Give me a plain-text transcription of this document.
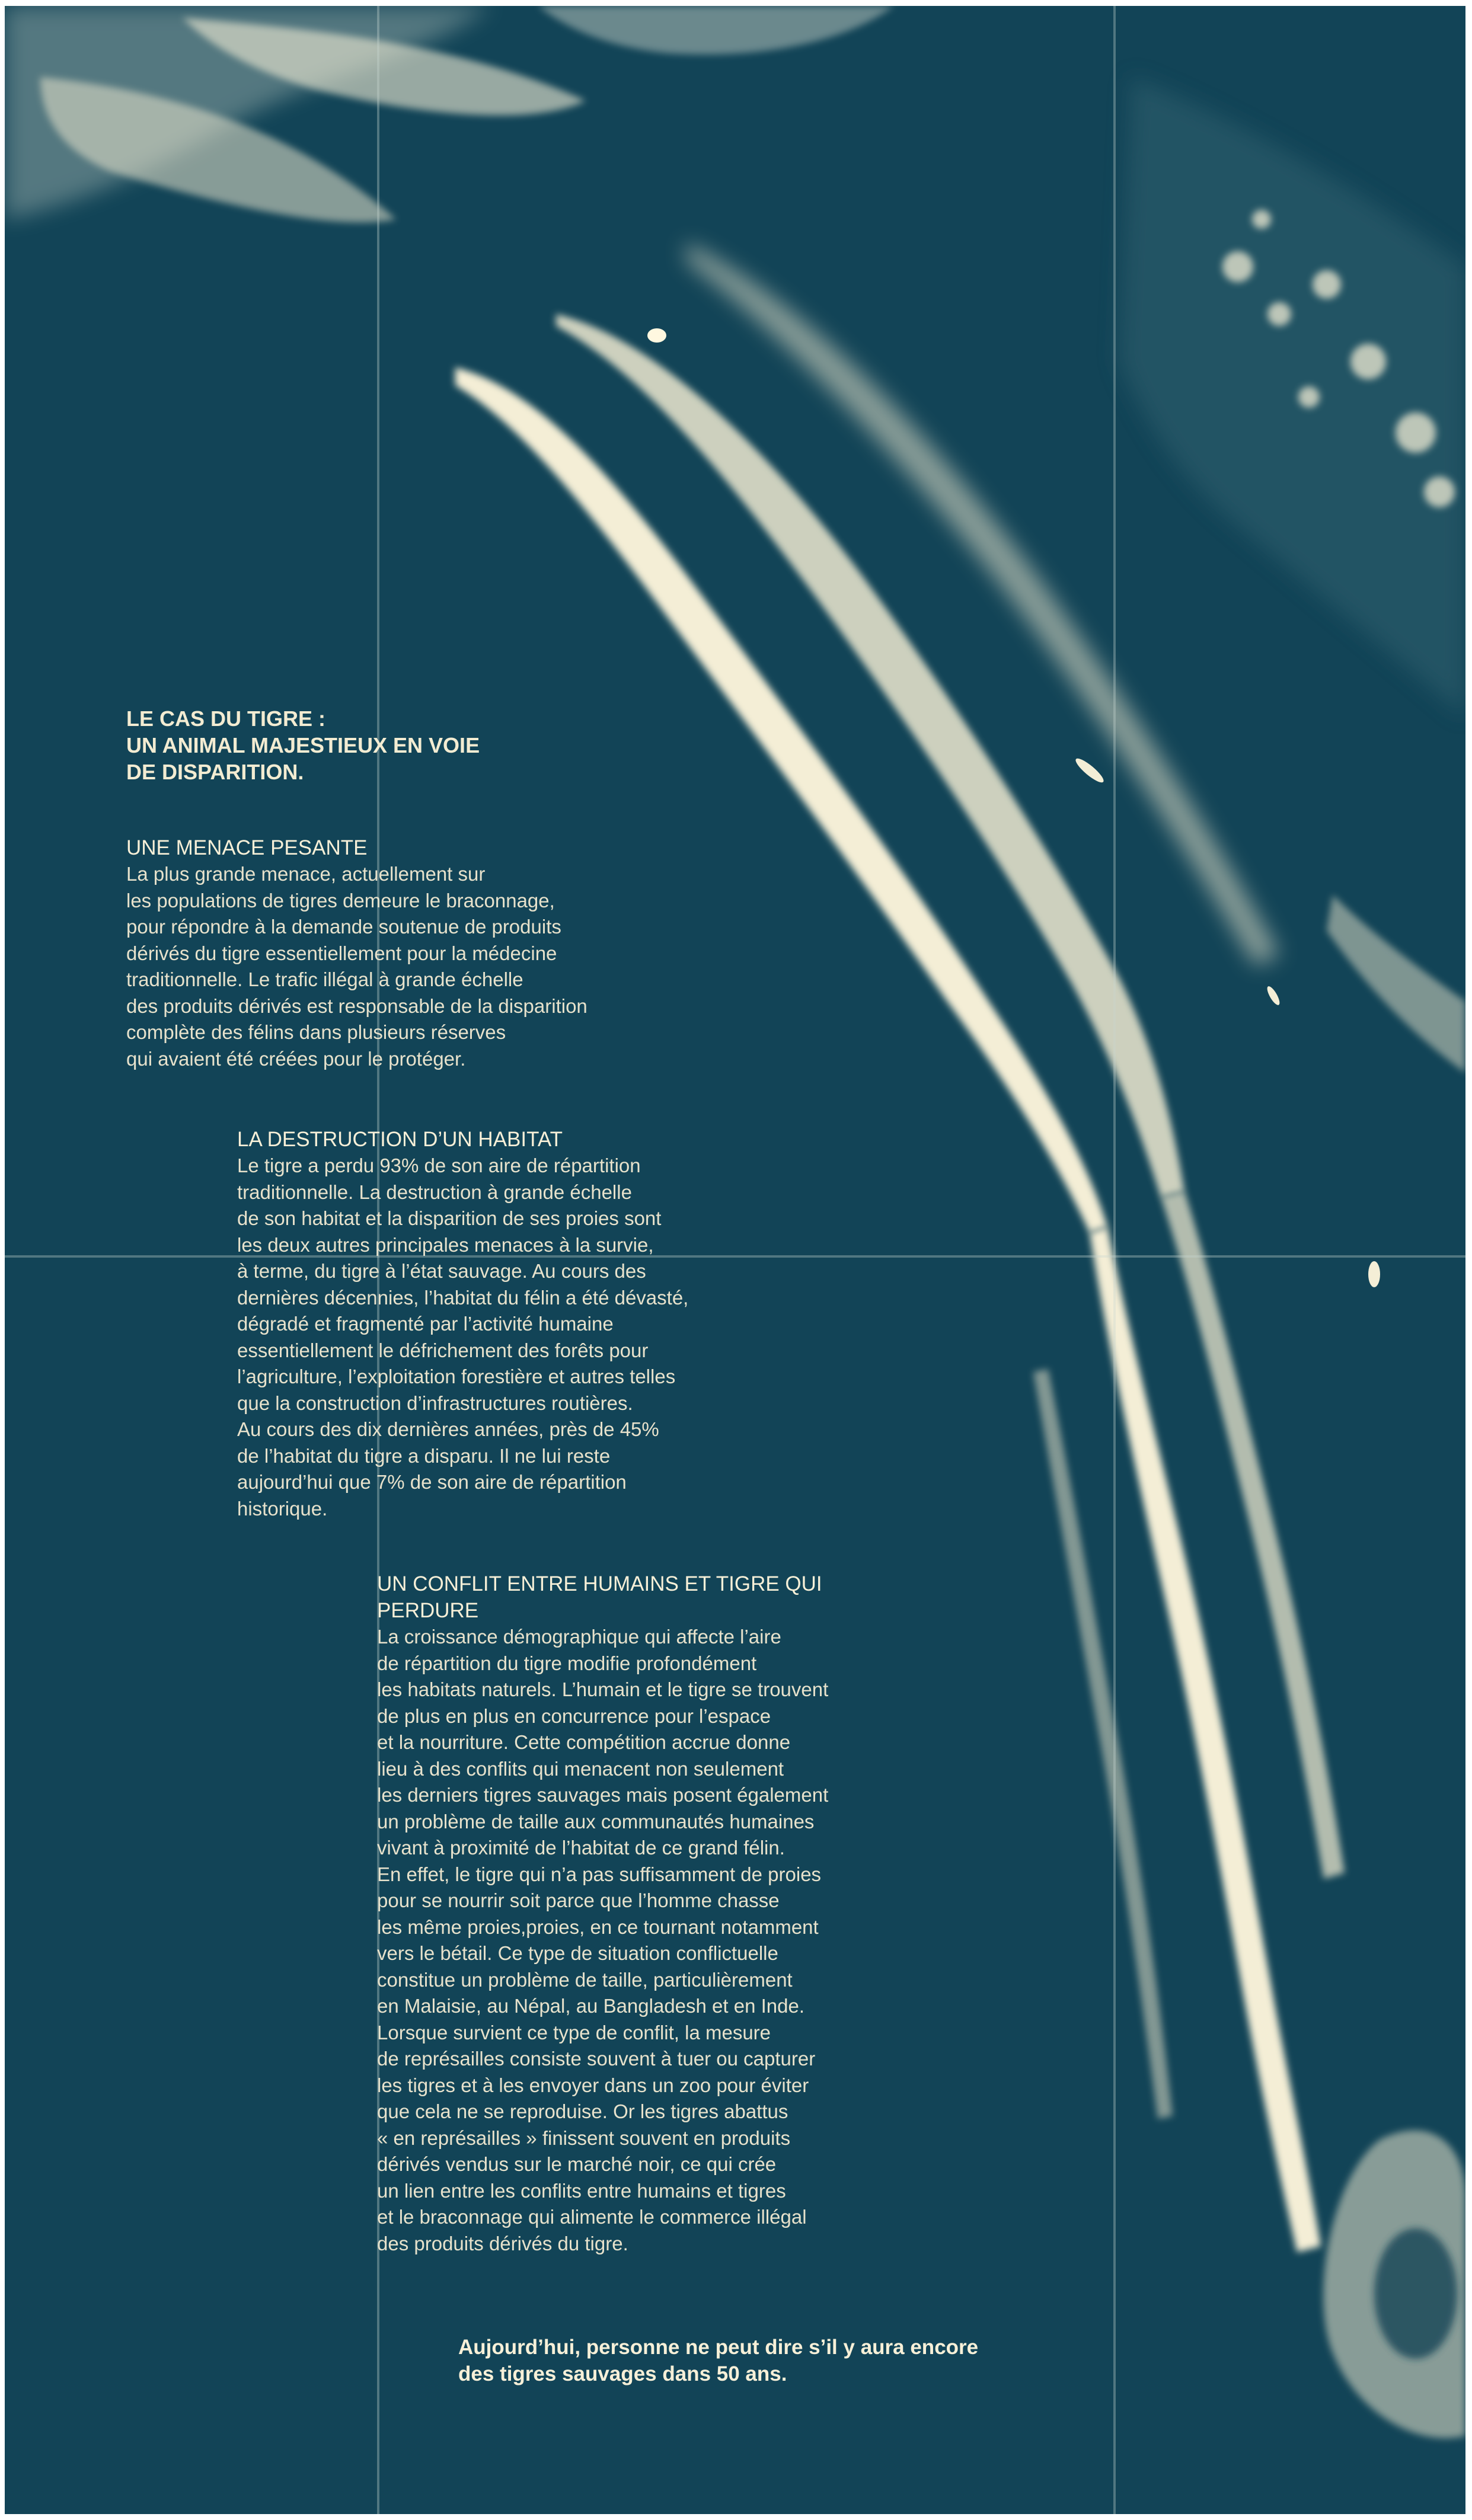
LE CAS DU TIGRE :
UN ANIMAL MAJESTIEUX EN VOIE
DE DISPARITION.
UNE MENACE PESANTE
La plus grande menace, actuellement sur
les populations de tigres demeure le braconnage,
pour répondre à la demande soutenue de produits
dérivés du tigre essentiellement pour la médecine
traditionnelle. Le trafic illégal à grande échelle
des produits dérivés est responsable de la disparition
complète des félins dans plusieurs réserves
qui avaient été créées pour le protéger.
LA DESTRUCTION D’UN HABITAT
Le tigre a perdu 93% de son aire de répartition
traditionnelle. La destruction à grande échelle
de son habitat et la disparition de ses proies sont
les deux autres principales menaces à la survie,
à terme, du tigre à l’état sauvage. Au cours des
dernières décennies, l’habitat du félin a été dévasté,
dégradé et fragmenté par l’activité humaine
essentiellement le défrichement des forêts pour
l’agriculture, l’exploitation forestière et autres telles
que la construction d’infrastructures routières.
Au cours des dix dernières années, près de 45%
de l’habitat du tigre a disparu. Il ne lui reste
aujourd’hui que 7% de son aire de répartition
historique.
UN CONFLIT ENTRE HUMAINS ET TIGRE QUI
PERDURE
La croissance démographique qui affecte l’aire
de répartition du tigre modifie profondément
les habitats naturels. L’humain et le tigre se trouvent
de plus en plus en concurrence pour l’espace
et la nourriture. Cette compétition accrue donne
lieu à des conflits qui menacent non seulement
les derniers tigres sauvages mais posent également
un problème de taille aux communautés humaines
vivant à proximité de l’habitat de ce grand félin.
En effet, le tigre qui n’a pas suffisamment de proies
pour se nourrir soit parce que l’homme chasse
les même proies,proies, en ce tournant notamment
vers le bétail. Ce type de situation conflictuelle
constitue un problème de taille, particulièrement
en Malaisie, au Népal, au Bangladesh et en Inde.
Lorsque survient ce type de conflit, la mesure
de représailles consiste souvent à tuer ou capturer
les tigres et à les envoyer dans un zoo pour éviter
que cela ne se reproduise. Or les tigres abattus
« en représailles » finissent souvent en produits
dérivés vendus sur le marché noir, ce qui crée
un lien entre les conflits entre humains et tigres
et le braconnage qui alimente le commerce illégal
des produits dérivés du tigre.
Aujourd’hui, personne ne peut dire s’il y aura encore
des tigres sauvages dans 50 ans.
